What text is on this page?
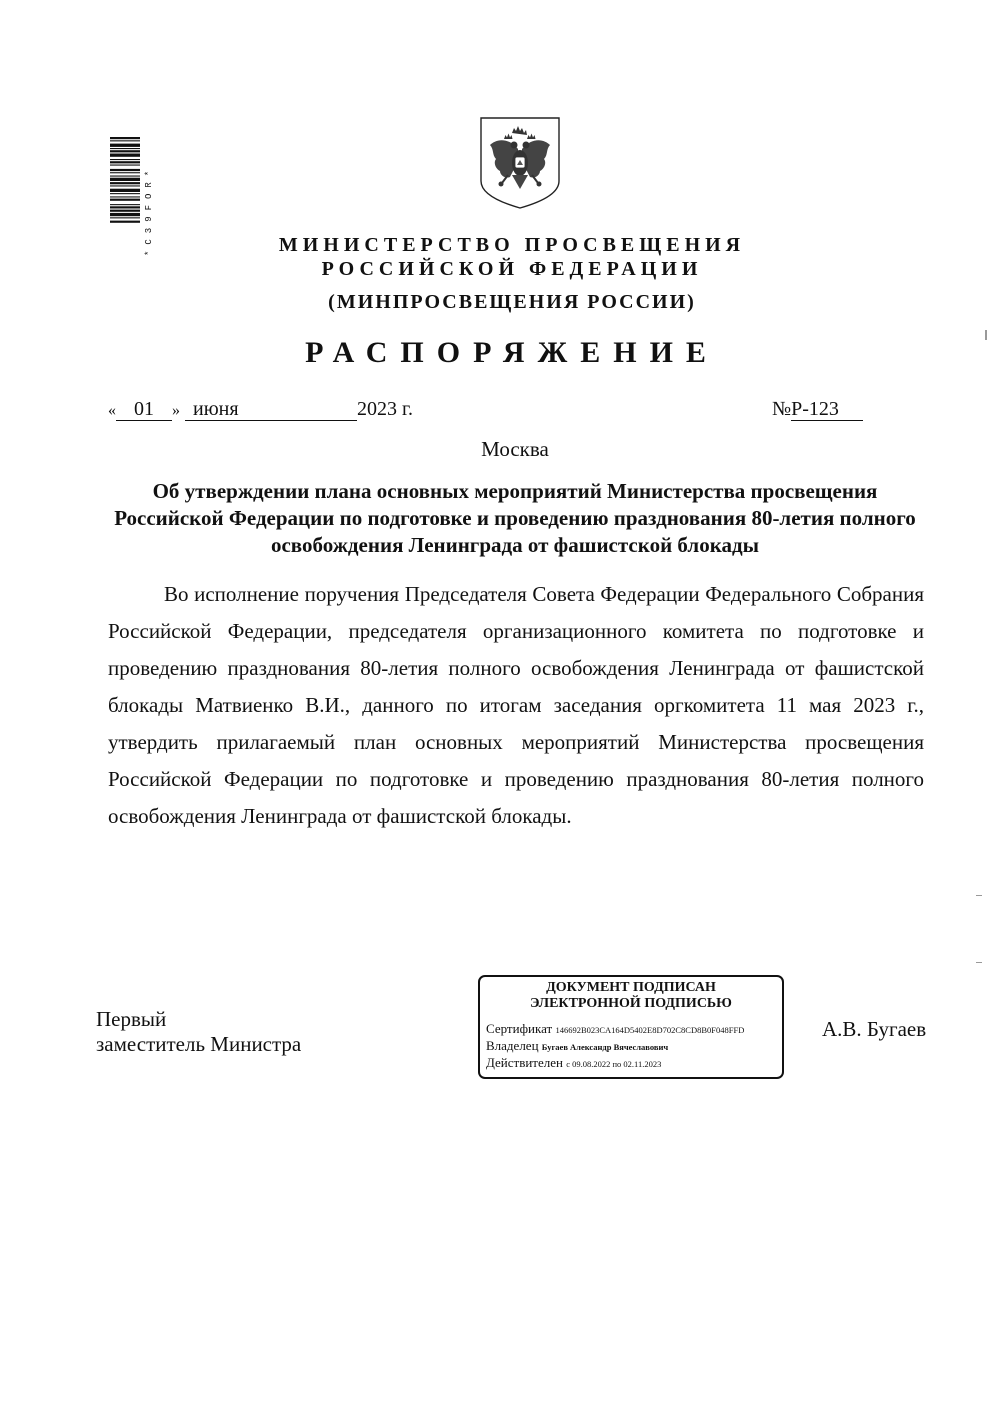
*C39FOR*	МИНИСТЕРСТВО ПРОСВЕЩЕНИЯ
РОССИЙСКОЙ ФЕДЕРАЦИИ
(МИНПРОСВЕЩЕНИЯ РОССИИ)
РАСПОРЯЖЕНИЕ
« 01 » июня	2023 г.	№Р-123
Москва
Об утверждении плана основных мероприятий Министерства просвещения Российской Федерации по подготовке и проведению празднования 80-летия полного освобождения Ленинграда от фашистской блокады

Во исполнение поручения Председателя Совета Федерации Федерального Собрания Российской Федерации, председателя организационного комитета по подготовке и проведению празднования 80-летия полного освобождения Ленинграда от фашистской блокады Матвиенко В.И., данного по итогам заседания оргкомитета 11 мая 2023 г., утвердить прилагаемый план основных мероприятий Министерства просвещения Российской Федерации по подготовке и проведению празднования 80-летия полного освобождения Ленинграда от фашистской блокады.

Первый
заместитель Министра
ДОКУМЕНТ ПОДПИСАН
ЭЛЕКТРОННОЙ ПОДПИСЬЮ
Сертификат 146692B023CA164D5402E8D702C8CD8B0F048FFD
Владелец Бугаев Александр Вячеславович
Действителен с 09.08.2022 по 02.11.2023
А.В. Бугаев
